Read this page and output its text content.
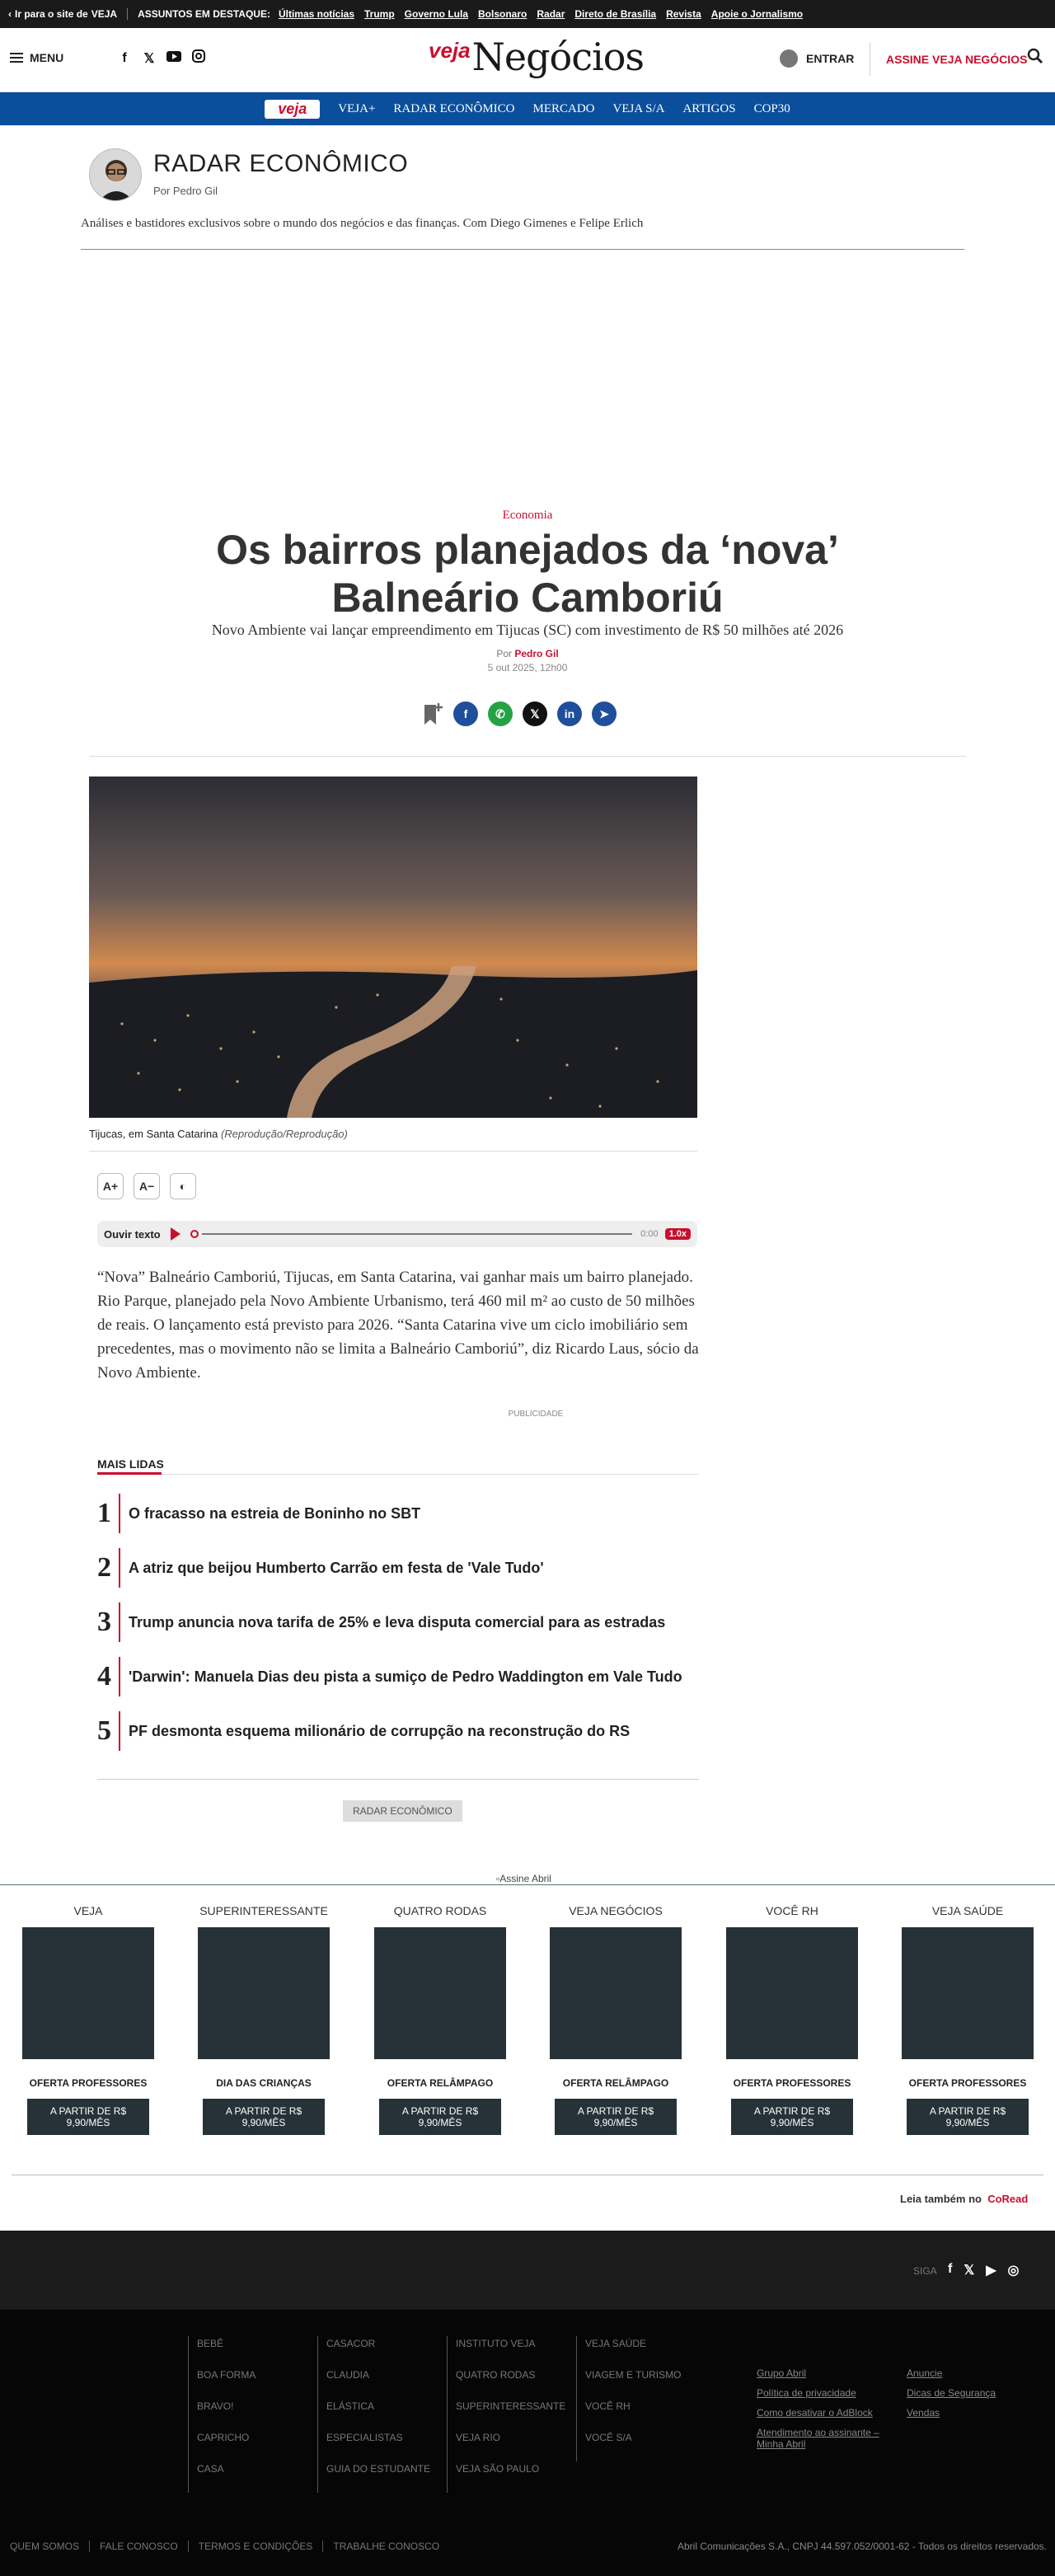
‹ Ir para o site de VEJA ASSUNTOS EM DESTAQUE: Últimas notícias Trump Governo Lula Bolsonaro Radar Direto de Brasília Revista Apoie o Jornalismo
MENU	f	𝕏	veja Negócios	ENTRAR	ASSINE VEJA NEGÓCIOS
veja	VEJA+ RADAR ECONÔMICO MERCADO VEJA S/A ARTIGOS COP30
RADAR ECONÔMICO
Por Pedro Gil
Análises e bastidores exclusivos sobre o mundo dos negócios e das finanças. Com Diego Gimenes e Felipe Erlich
Economia
Os bairros planejados da ‘nova’ Balneário Camboriú
Novo Ambiente vai lançar empreendimento em Tijucas (SC) com investimento de R$ 50 milhões até 2026
Por Pedro Gil
5 out 2025, 12h00
f	✆	𝕏	in	➤
Tijucas, em Santa Catarina (Reprodução/Reprodução)
A+	A−	◐
Ouvir texto	0:00	1.0x

“Nova” Balneário Camboriú, Tijucas, em Santa Catarina, vai ganhar mais um bairro planejado. Rio Parque, planejado pela Novo Ambiente Urbanismo, terá 460 mil m² ao custo de 50 milhões de reais. O lançamento está previsto para 2026. “Santa Catarina vive um ciclo imobiliário sem precedentes, mas o movimento não se limita a Balneário Camboriú”, diz Ricardo Laus, sócio da Novo Ambiente.

PUBLICIDADE
MAIS LIDAS
1	O fracasso na estreia de Boninho no SBT
2	A atriz que beijou Humberto Carrão em festa de 'Vale Tudo'
3	Trump anuncia nova tarifa de 25% e leva disputa comercial para as estradas
4	'Darwin': Manuela Dias deu pista a sumiço de Pedro Waddington em Vale Tudo
5	PF desmonta esquema milionário de corrupção na reconstrução do RS
RADAR ECONÔMICO
▫Assine Abril
VEJA
OFERTA PROFESSORES
A PARTIR DE R$ 9,90/MÊS
SUPERINTERESSANTE
DIA DAS CRIANÇAS
A PARTIR DE R$ 9,90/MÊS
QUATRO RODAS
OFERTA RELÂMPAGO
A PARTIR DE R$ 9,90/MÊS
VEJA NEGÓCIOS
OFERTA RELÂMPAGO
A PARTIR DE R$ 9,90/MÊS
VOCÊ RH
OFERTA PROFESSORES
A PARTIR DE R$ 9,90/MÊS
VEJA SAÚDE
OFERTA PROFESSORES
A PARTIR DE R$ 9,90/MÊS
Leia também no CoRead
SIGA f 𝕏 ▶ ◎
BEBÊ
BOA FORMA
BRAVO!
CAPRICHO
CASA
CASACOR
CLAUDIA
ELÁSTICA
ESPECIALISTAS
GUIA DO ESTUDANTE
INSTITUTO VEJA
QUATRO RODAS
SUPERINTERESSANTE
VEJA RIO
VEJA SÃO PAULO
VEJA SAÚDE
VIAGEM E TURISMO
VOCÊ RH
VOCÊ S/A
Grupo Abril
Política de privacidade
Como desativar o AdBlock
Atendimento ao assinante – Minha Abril
Anuncie
Dicas de Segurança
Vendas
QUEM SOMOS FALE CONOSCO TERMOS E CONDIÇÕES TRABALHE CONOSCO	Abril Comunicações S.A., CNPJ 44.597.052/0001-62 - Todos os direitos reservados.
